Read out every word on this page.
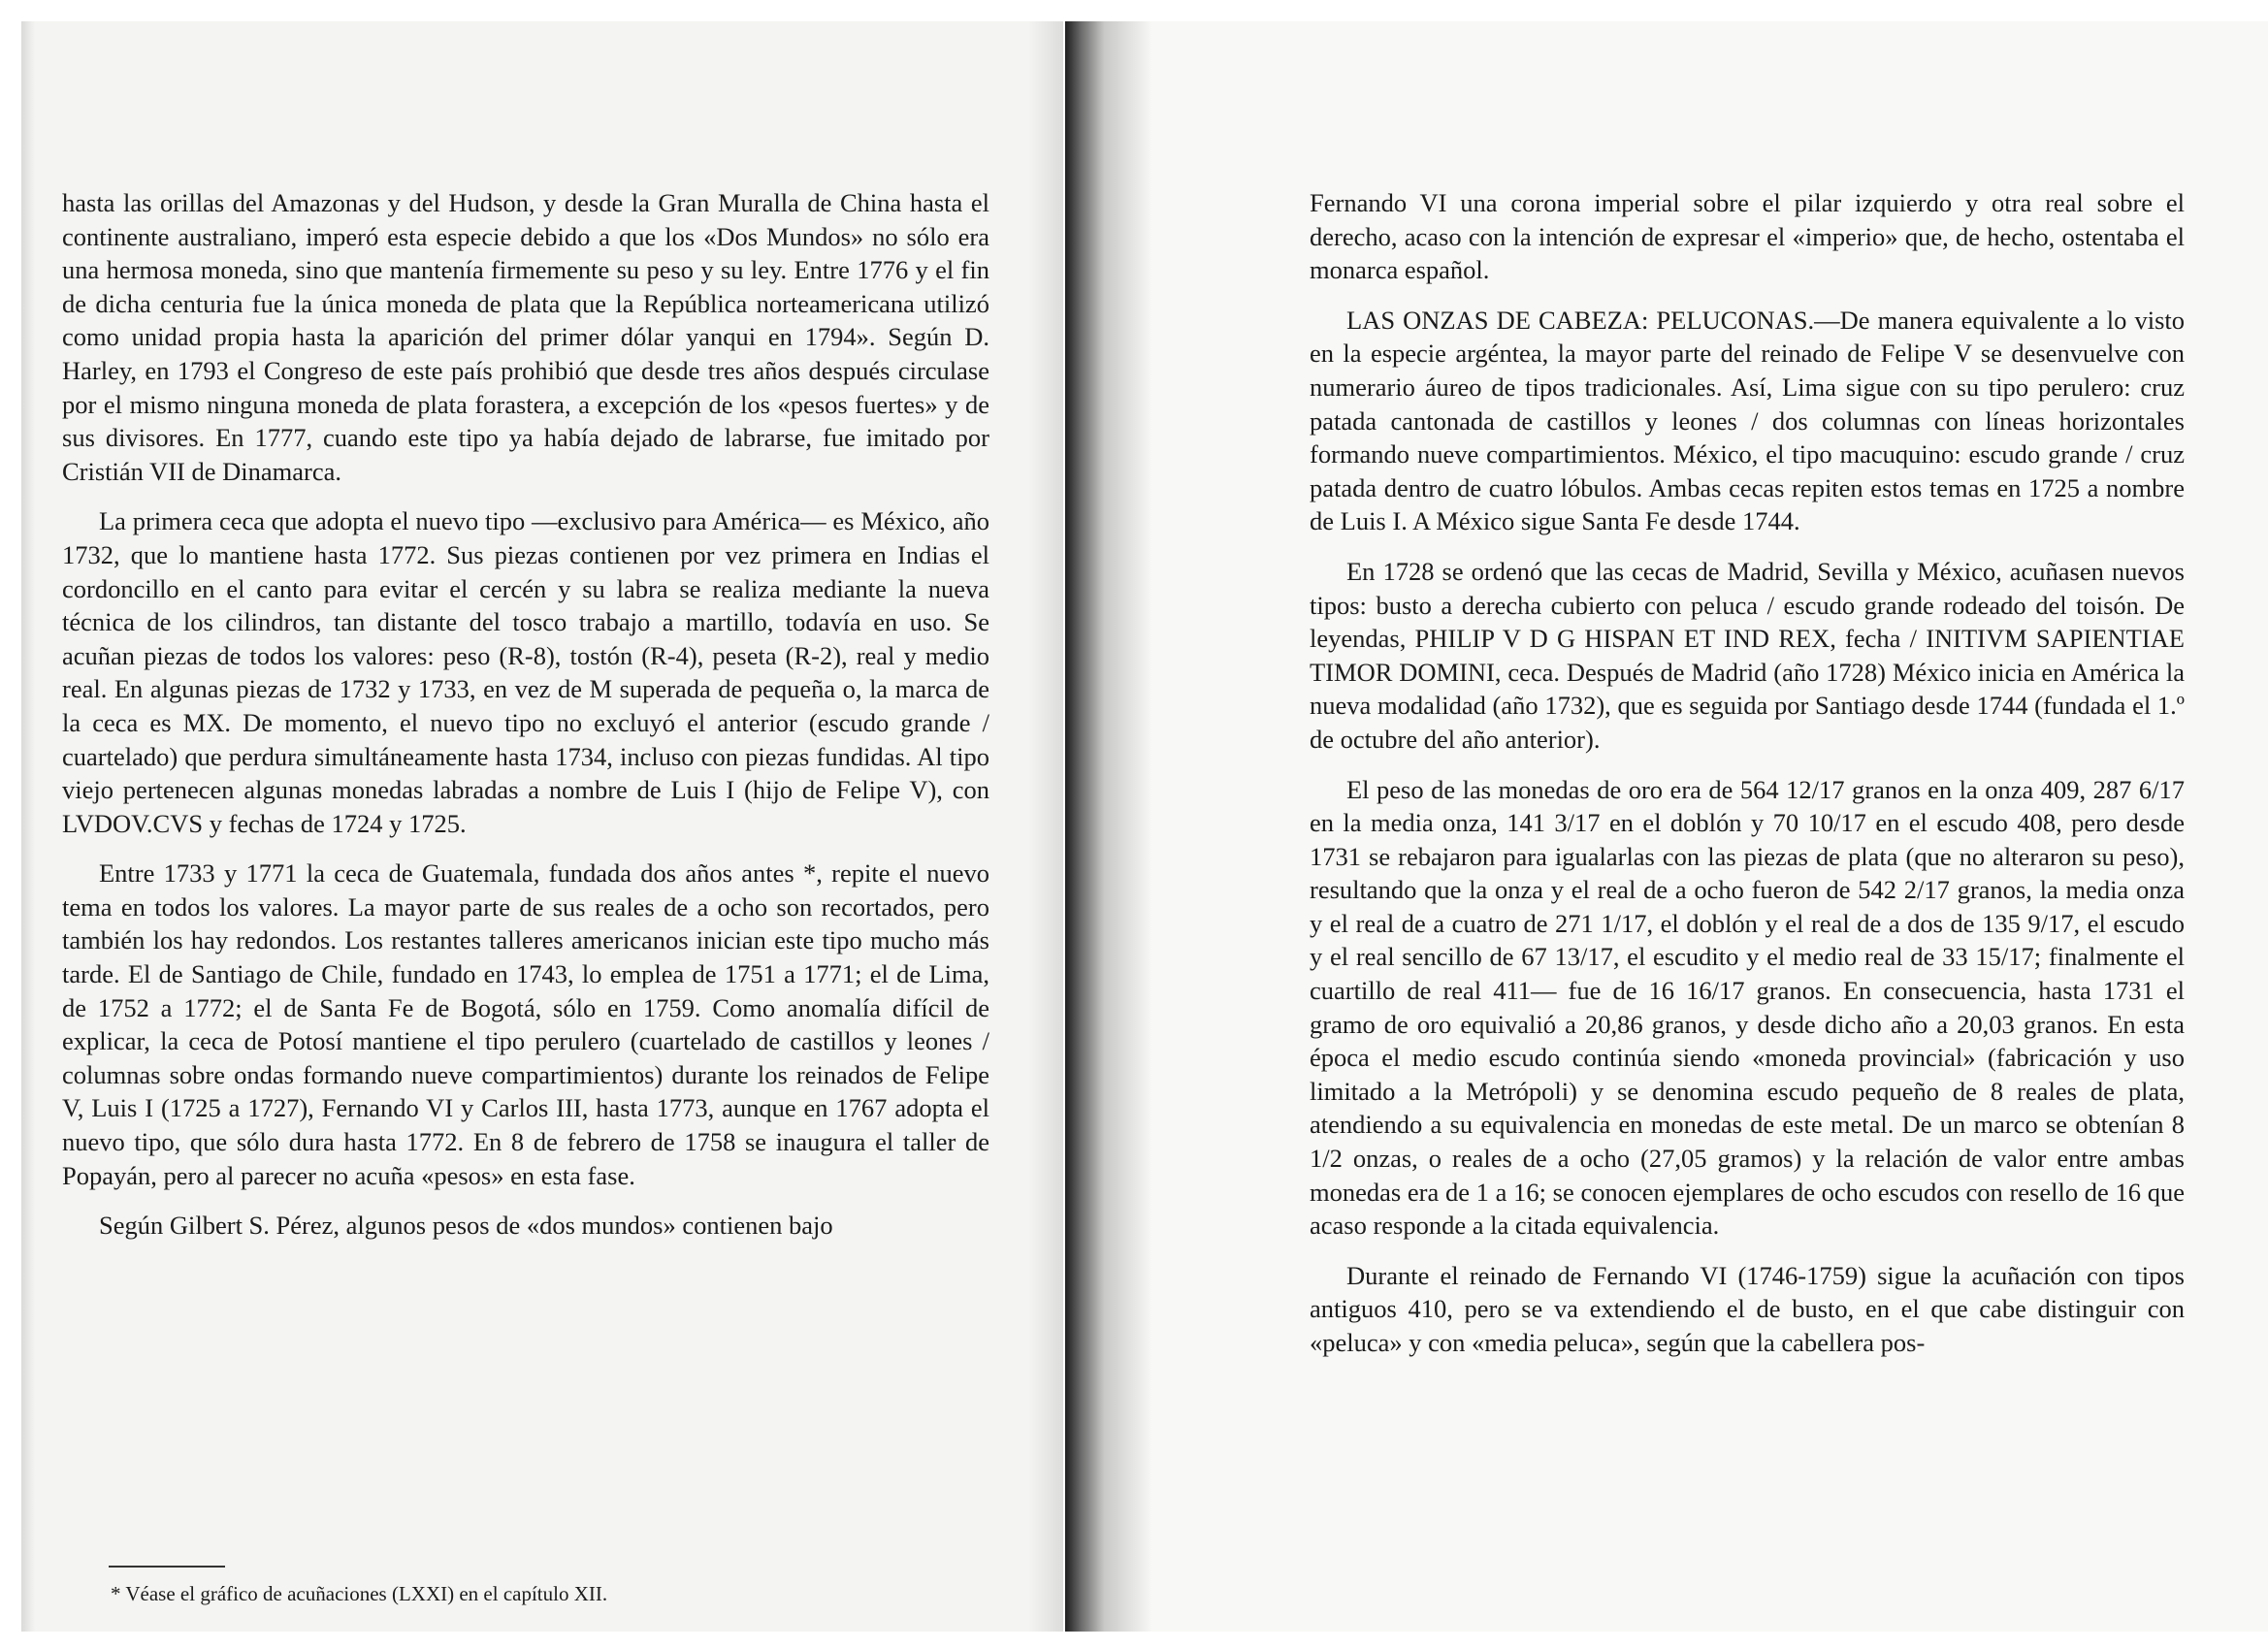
hasta las orillas del Amazonas y del Hudson, y desde la Gran Muralla de China hasta el continente australiano, imperó esta especie debido a que los «Dos Mundos» no sólo era una hermosa moneda, sino que mantenía firmemente su peso y su ley. Entre 1776 y el fin de dicha centuria fue la única moneda de plata que la República norteamericana utilizó como unidad propia hasta la aparición del primer dólar yanqui en 1794». Según D. Harley, en 1793 el Congreso de este país prohibió que desde tres años después circulase por el mismo ninguna moneda de plata forastera, a excepción de los «pesos fuertes» y de sus divisores. En 1777, cuando este tipo ya había dejado de labrarse, fue imitado por Cristián VII de Dinamarca.

La primera ceca que adoptа el nuevo tipo —exclusivo para América— es México, año 1732, que lo mantiene hasta 1772. Sus piezas contienen por vez primera en Indias el cordoncillo en el canto para evitar el cercén y su labra se realiza mediante la nueva técnica de los cilindros, tan distante del tosco trabajo a martillo, todavía en uso. Se acuñan piezas de todos los valores: peso (R-8), tostón (R-4), peseta (R-2), real y medio real. En algunas piezas de 1732 y 1733, en vez de M superada de pequeña o, la marca de la ceca es MX. De momento, el nuevo tipo no excluyó el anterior (escudo grande / cuartelado) que perdura simultáneamente hasta 1734, incluso con piezas fundidas. Al tipo viejo pertenecen algunas monedas labradas a nombre de Luis I (hijo de Felipe V), con LVDOV.CVS y fechas de 1724 y 1725.

Entre 1733 y 1771 la ceca de Guatemala, fundada dos años antes *, repite el nuevo tema en todos los valores. La mayor parte de sus reales de a ocho son recortados, pero también los hay redondos. Los restantes talleres americanos inician este tipo mucho más tarde. El de Santiago de Chile, fundado en 1743, lo emplea de 1751 a 1771; el de Lima, de 1752 a 1772; el de Santa Fe de Bogotá, sólo en 1759. Como anomalía difícil de explicar, la ceca de Potosí mantiene el tipo perulero (cuartelado de castillos y leones / columnas sobre ondas formando nueve compartimientos) durante los reinados de Felipe V, Luis I (1725 a 1727), Fernando VI y Carlos III, hasta 1773, aunque en 1767 adopta el nuevo tipo, que sólo dura hasta 1772. En 8 de febrero de 1758 se inaugura el taller de Popayán, pero al parecer no acuña «pesos» en esta fase.

Según Gilbert S. Pérez, algunos pesos de «dos mundos» contienen bajo

* Véase el gráfico de acuñaciones (LXXI) en el capítulo XII.

Fernando VI una corona imperial sobre el pilar izquierdo y otra real sobre el derecho, acaso con la intención de expresar el «imperio» que, de hecho, ostentaba el monarca español.

LAS ONZAS DE CABEZA: PELUCONAS.—De manera equivalente a lo visto en la especie argéntea, la mayor parte del reinado de Felipe V se desenvuelve con numerario áureo de tipos tradicionales. Así, Lima sigue con su tipo perulero: cruz patada cantonada de castillos y leones / dos columnas con líneas horizontales formando nueve compartimientos. México, el tipo macuquino: escudo grande / cruz patada dentro de cuatro lóbulos. Ambas cecas repiten estos temas en 1725 a nombre de Luis I. A México sigue Santa Fe desde 1744.

En 1728 se ordenó que las cecas de Madrid, Sevilla y México, acuñasen nuevos tipos: busto a derecha cubierto con peluca / escudo grande rodeado del toisón. De leyendas, PHILIP V D G HISPAN ET IND REX, fecha / INITIVM SAPIENTIAE TIMOR DOMINI, ceca. Después de Madrid (año 1728) México inicia en América la nueva modalidad (año 1732), que es seguida por Santiago desde 1744 (fundada el 1.º de octubre del año anterior).

El peso de las monedas de oro era de 564 12/17 granos en la onza 409, 287 6/17 en la media onza, 141 3/17 en el doblón y 70 10/17 en el escudo 408, pero desde 1731 se rebajaron para igualarlas con las piezas de plata (que no alteraron su peso), resultando que la onza y el real de a ocho fueron de 542 2/17 granos, la media onza y el real de a cuatro de 271 1/17, el doblón y el real de a dos de 135 9/17, el escudo y el real sencillo de 67 13/17, el escudito y el medio real de 33 15/17; finalmente el cuartillo de real 411— fue de 16 16/17 granos. En consecuencia, hasta 1731 el gramo de oro equivalió a 20,86 granos, y desde dicho año a 20,03 granos. En esta época el medio escudo continúa siendo «moneda provincial» (fabricación y uso limitado a la Metrópoli) y se denomina escudo pequeño de 8 reales de plata, atendiendo a su equivalencia en monedas de este metal. De un marco se obtenían 8 1/2 onzas, o reales de a ocho (27,05 gramos) y la relación de valor entre ambas monedas era de 1 a 16; se conocen ejemplares de ocho escudos con resello de 16 que acaso responde a la citada equivalencia.

Durante el reinado de Fernando VI (1746-1759) sigue la acuñación con tipos antiguos 410, pero se va extendiendo el de busto, en el que cabe distinguir con «peluca» y con «media peluca», según que la cabellera pos-
